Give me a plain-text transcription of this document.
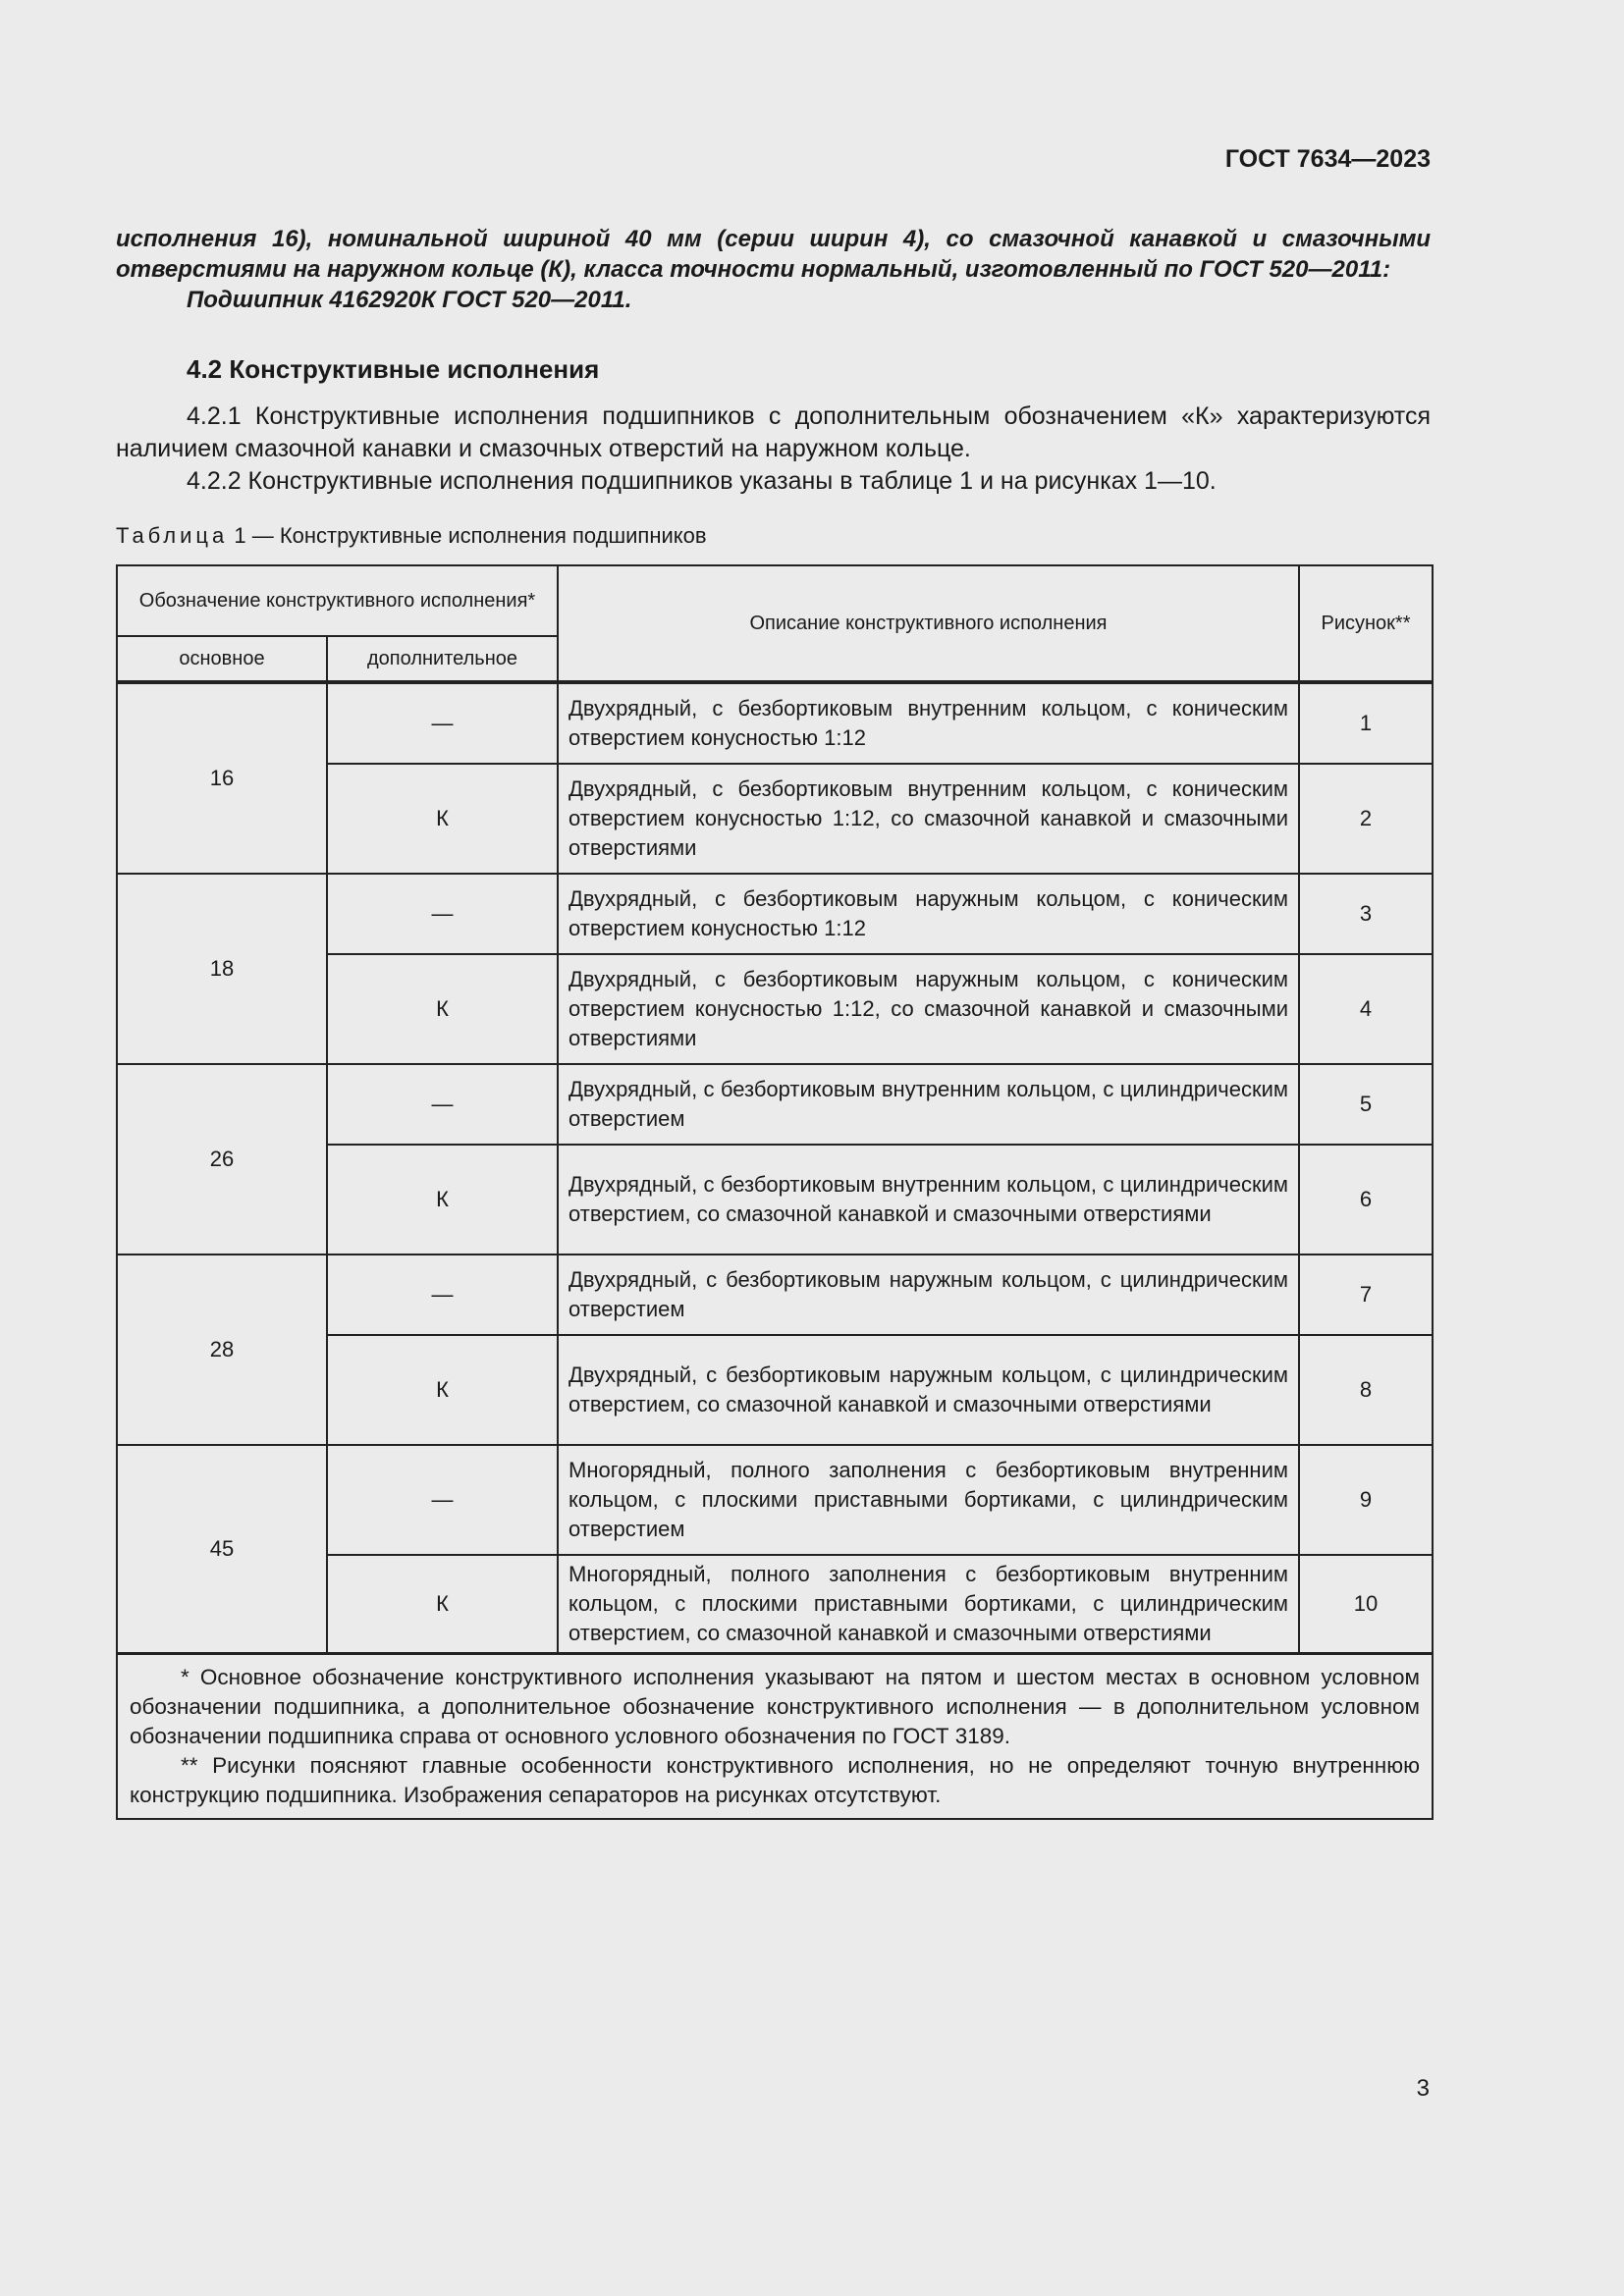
ГОСТ 7634—2023

исполнения 16), номинальной шириной 40 мм (серии ширин 4), со смазочной канавкой и смазочными отверстиями на наружном кольце (К), класса точности нормальный, изготовленный по ГОСТ 520—2011:

Подшипник 4162920К ГОСТ 520—2011.

4.2 Конструктивные исполнения

4.2.1 Конструктивные исполнения подшипников с дополнительным обозначением «К» характеризуются наличием смазочной канавки и смазочных отверстий на наружном кольце.

4.2.2 Конструктивные исполнения подшипников указаны в таблице 1 и на рисунках 1—10.

Таблица 1 — Конструктивные исполнения подшипников
Обозначение конструктивного исполнения*		Описание конструктивного исполнения	Рисунок**
основное	дополнительное		
16	—	Двухрядный, с безбортиковым внутренним кольцом, с коническим отверстием конусностью 1:12	1
	К	Двухрядный, с безбортиковым внутренним кольцом, с коническим отверстием конусностью 1:12, со смазочной канавкой и смазочными отверстиями	2
18	—	Двухрядный, с безбортиковым наружным кольцом, с коническим отверстием конусностью 1:12	3
	К	Двухрядный, с безбортиковым наружным кольцом, с коническим отверстием конусностью 1:12, со смазочной канавкой и смазочными отверстиями	4
26	—	Двухрядный, с безбортиковым внутренним кольцом, с цилиндрическим отверстием	5
	К	Двухрядный, с безбортиковым внутренним кольцом, с цилиндрическим отверстием, со смазочной канавкой и смазочными отверстиями	6
28	—	Двухрядный, с безбортиковым наружным кольцом, с цилиндрическим отверстием	7
	К	Двухрядный, с безбортиковым наружным кольцом, с цилиндрическим отверстием, со смазочной канавкой и смазочными отверстиями	8
45	—	Многорядный, полного заполнения с безбортиковым внутренним кольцом, с плоскими приставными бортиками, с цилиндрическим отверстием	9
	К	Многорядный, полного заполнения с безбортиковым внутренним кольцом, с плоскими приставными бортиками, с цилиндрическим отверстием, со смазочной канавкой и смазочными отверстиями	10

* Основное обозначение конструктивного исполнения указывают на пятом и шестом местах в основном условном обозначении подшипника, а дополнительное обозначение конструктивного исполнения — в дополнительном условном обозначении подшипника справа от основного условного обозначения по ГОСТ 3189.

** Рисунки поясняют главные особенности конструктивного исполнения, но не определяют точную внутреннюю конструкцию подшипника. Изображения сепараторов на рисунках отсутствуют.			

3
